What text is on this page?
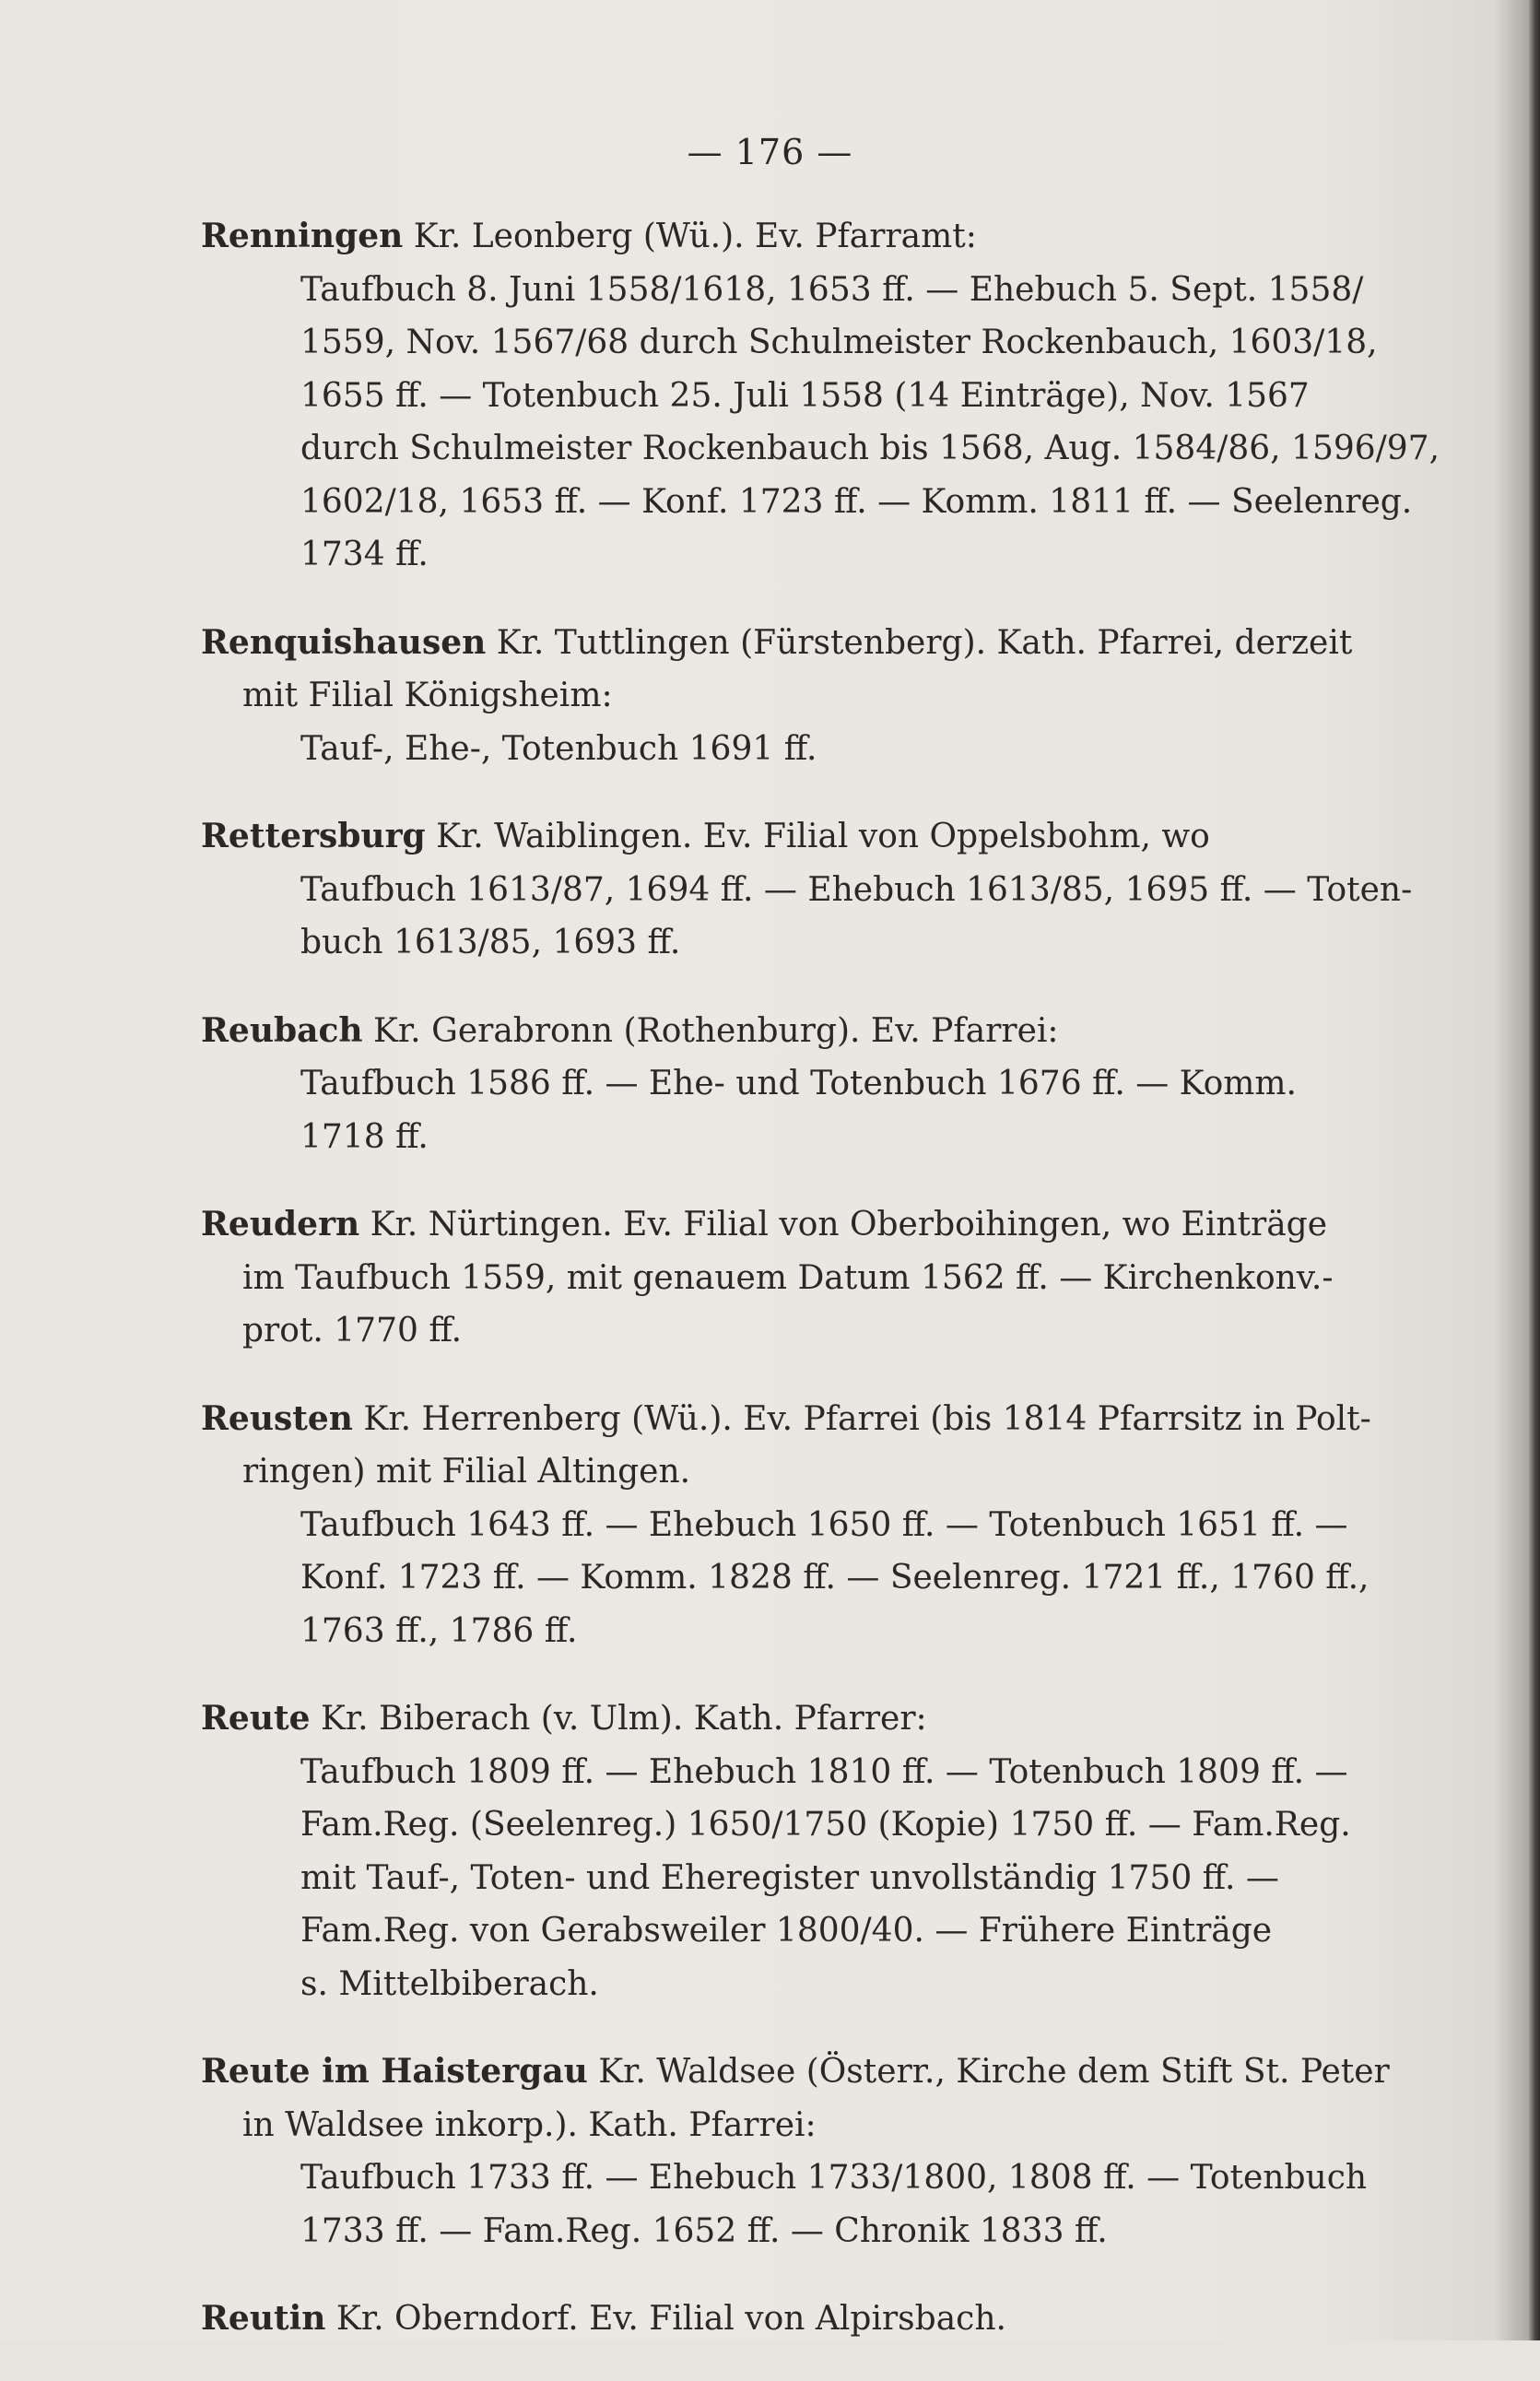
— 176 —

Renningen Kr. Leonberg (Wü.). Ev. Pfarramt:

Taufbuch 8. Juni 1558/1618, 1653 ff. — Ehebuch 5. Sept. 1558/

1559, Nov. 1567/68 durch Schulmeister Rockenbauch, 1603/18,

1655 ff. — Totenbuch 25. Juli 1558 (14 Einträge), Nov. 1567

durch Schulmeister Rockenbauch bis 1568, Aug. 1584/86, 1596/97,

1602/18, 1653 ff. — Konf. 1723 ff. — Komm. 1811 ff. — Seelenreg.

1734 ff.

Renquishausen Kr. Tuttlingen (Fürstenberg). Kath. Pfarrei, derzeit

mit Filial Königsheim:

Tauf-, Ehe-, Totenbuch 1691 ff.

Rettersburg Kr. Waiblingen. Ev. Filial von Oppelsbohm, wo

Taufbuch 1613/87, 1694 ff. — Ehebuch 1613/85, 1695 ff. — Toten-

buch 1613/85, 1693 ff.

Reubach Kr. Gerabronn (Rothenburg). Ev. Pfarrei:

Taufbuch 1586 ff. — Ehe- und Totenbuch 1676 ff. — Komm.

1718 ff.

Reudern Kr. Nürtingen. Ev. Filial von Oberboihingen, wo Einträge

im Taufbuch 1559, mit genauem Datum 1562 ff. — Kirchenkonv.-

prot. 1770 ff.

Reusten Kr. Herrenberg (Wü.). Ev. Pfarrei (bis 1814 Pfarrsitz in Polt-

ringen) mit Filial Altingen.

Taufbuch 1643 ff. — Ehebuch 1650 ff. — Totenbuch 1651 ff. —

Konf. 1723 ff. — Komm. 1828 ff. — Seelenreg. 1721 ff., 1760 ff.,

1763 ff., 1786 ff.

Reute Kr. Biberach (v. Ulm). Kath. Pfarrer:

Taufbuch 1809 ff. — Ehebuch 1810 ff. — Totenbuch 1809 ff. —

Fam.Reg. (Seelenreg.) 1650/1750 (Kopie) 1750 ff. — Fam.Reg.

mit Tauf-, Toten- und Eheregister unvollständig 1750 ff. —

Fam.Reg. von Gerabsweiler 1800/40. — Frühere Einträge

s. Mittelbiberach.

Reute im Haistergau Kr. Waldsee (Österr., Kirche dem Stift St. Peter

in Waldsee inkorp.). Kath. Pfarrei:

Taufbuch 1733 ff. — Ehebuch 1733/1800, 1808 ff. — Totenbuch

1733 ff. — Fam.Reg. 1652 ff. — Chronik 1833 ff.

Reutin Kr. Oberndorf. Ev. Filial von Alpirsbach.
